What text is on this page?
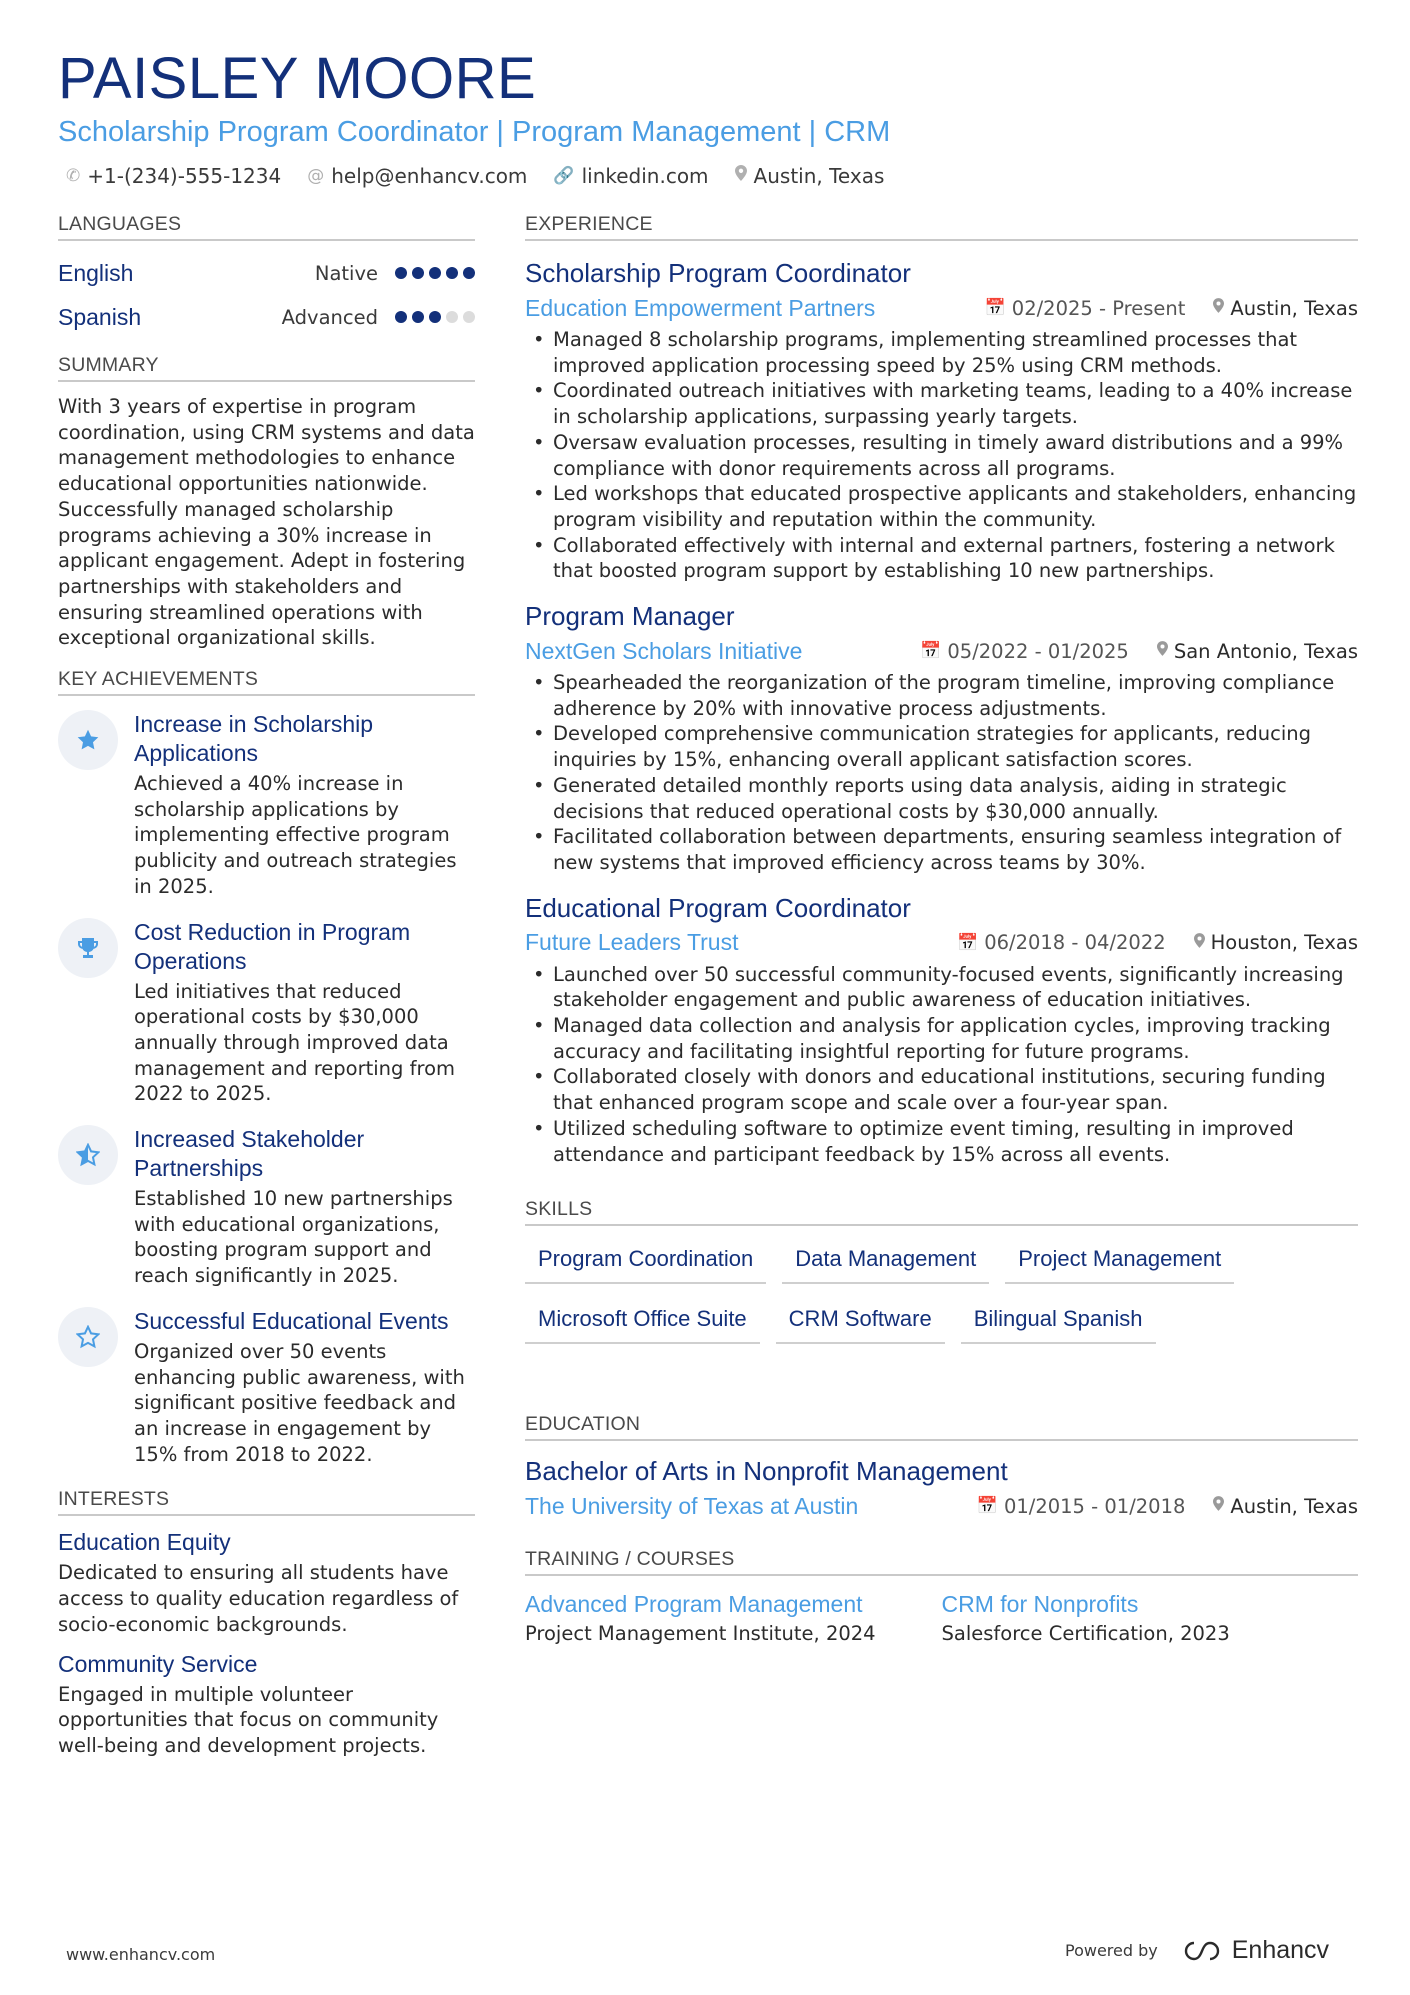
PAISLEY MOORE
Scholarship Program Coordinator | Program Management | CRM
✆ +1-(234)-555-1234 @ help@enhancv.com 🔗 linkedin.com Austin, Texas
LANGUAGES
English	Native
Spanish	Advanced
SUMMARY

With 3 years of expertise in program coordination, using CRM systems and data management methodologies to enhance educational opportunities nationwide. Successfully managed scholarship programs achieving a 30% increase in applicant engagement. Adept in fostering partnerships with stakeholders and ensuring streamlined operations with exceptional organizational skills.

KEY ACHIEVEMENTS
Increase in Scholarship Applications

Achieved a 40% increase in scholarship applications by implementing effective program publicity and outreach strategies in 2025.

Cost Reduction in Program Operations

Led initiatives that reduced operational costs by $30,000 annually through improved data management and reporting from 2022 to 2025.

Increased Stakeholder Partnerships

Established 10 new partnerships with educational organizations, boosting program support and reach significantly in 2025.

Successful Educational Events

Organized over 50 events enhancing public awareness, with significant positive feedback and an increase in engagement by 15% from 2018 to 2022.

INTERESTS
Education Equity

Dedicated to ensuring all students have access to quality education regardless of socio-economic backgrounds.

Community Service

Engaged in multiple volunteer opportunities that focus on community well-being and development projects.

EXPERIENCE
Scholarship Program Coordinator
Education Empowerment Partners	📅 02/2025 - Present Austin, Texas
• Managed 8 scholarship programs, implementing streamlined processes that improved application processing speed by 25% using CRM methods.
• Coordinated outreach initiatives with marketing teams, leading to a 40% increase in scholarship applications, surpassing yearly targets.
• Oversaw evaluation processes, resulting in timely award distributions and a 99% compliance with donor requirements across all programs.
• Led workshops that educated prospective applicants and stakeholders, enhancing program visibility and reputation within the community.
• Collaborated effectively with internal and external partners, fostering a network that boosted program support by establishing 10 new partnerships.
Program Manager
NextGen Scholars Initiative	📅 05/2022 - 01/2025 San Antonio, Texas
• Spearheaded the reorganization of the program timeline, improving compliance adherence by 20% with innovative process adjustments.
• Developed comprehensive communication strategies for applicants, reducing inquiries by 15%, enhancing overall applicant satisfaction scores.
• Generated detailed monthly reports using data analysis, aiding in strategic decisions that reduced operational costs by $30,000 annually.
• Facilitated collaboration between departments, ensuring seamless integration of new systems that improved efficiency across teams by 30%.
Educational Program Coordinator
Future Leaders Trust	📅 06/2018 - 04/2022 Houston, Texas
• Launched over 50 successful community-focused events, significantly increasing stakeholder engagement and public awareness of education initiatives.
• Managed data collection and analysis for application cycles, improving tracking accuracy and facilitating insightful reporting for future programs.
• Collaborated closely with donors and educational institutions, securing funding that enhanced program scope and scale over a four-year span.
• Utilized scheduling software to optimize event timing, resulting in improved attendance and participant feedback by 15% across all events.
SKILLS
Program Coordination	Data Management	Project Management
Microsoft Office Suite	CRM Software	Bilingual Spanish
EDUCATION
Bachelor of Arts in Nonprofit Management
The University of Texas at Austin	📅 01/2015 - 01/2018 Austin, Texas
TRAINING / COURSES
Advanced Program Management
Project Management Institute, 2024
CRM for Nonprofits
Salesforce Certification, 2023
www.enhancv.com	Powered by	Enhancv
